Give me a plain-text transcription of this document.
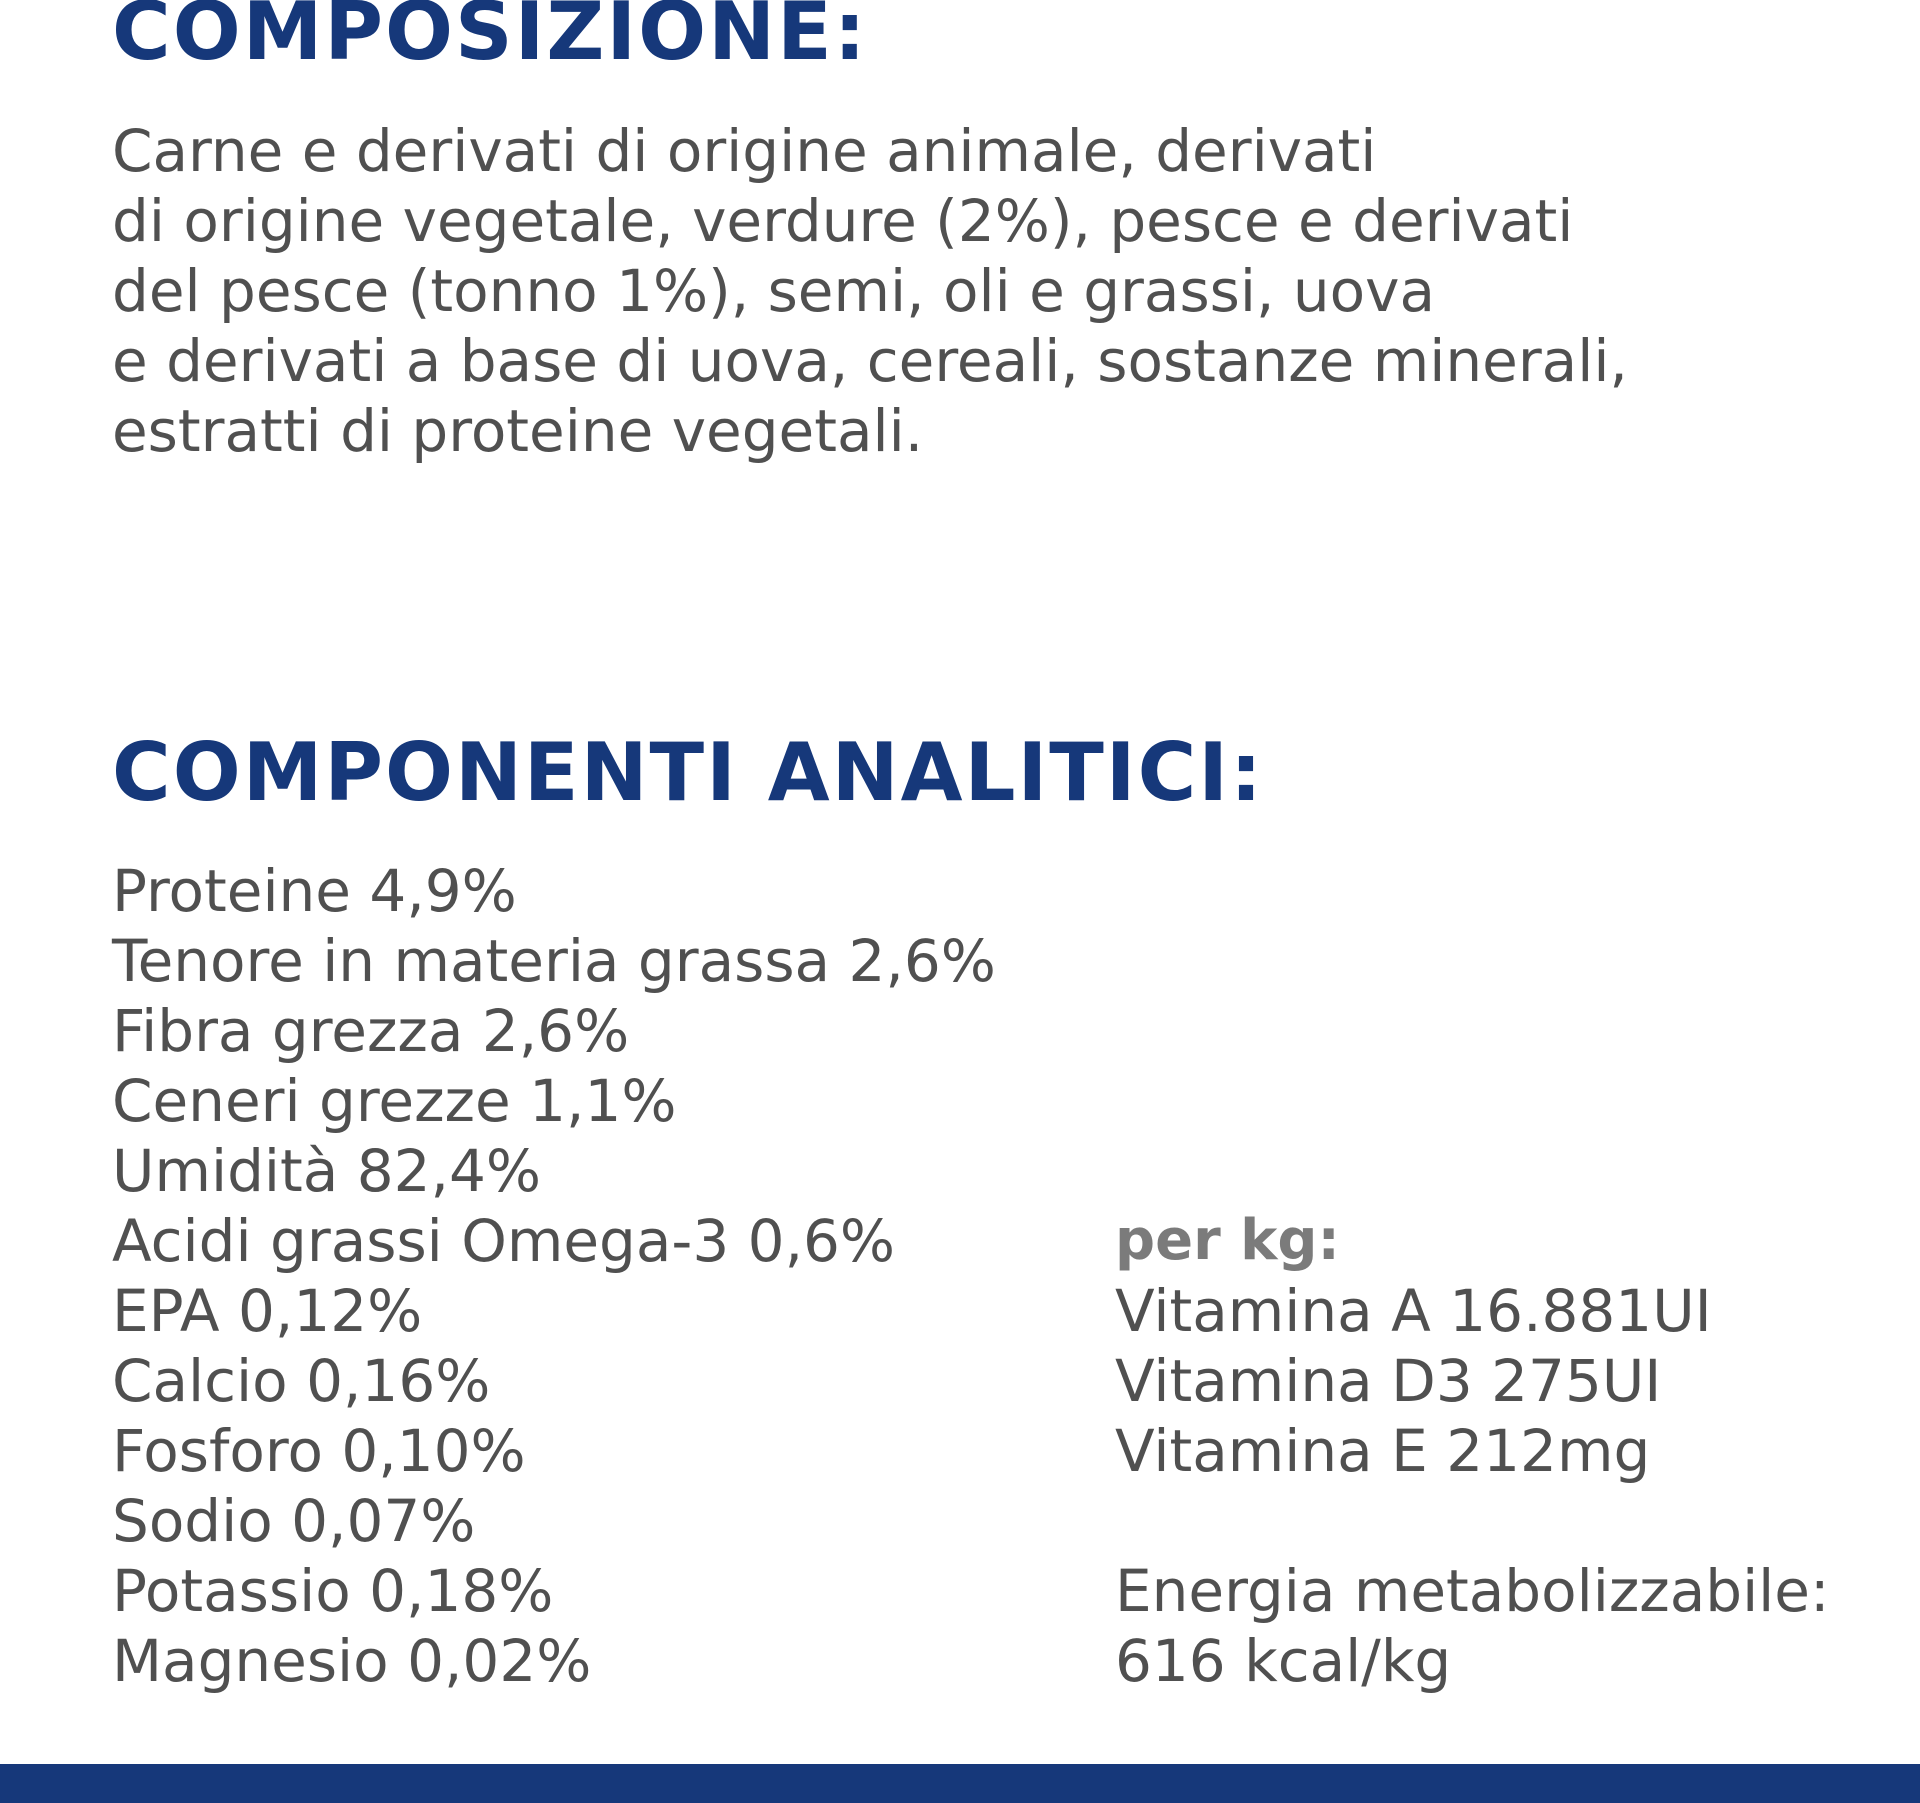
COMPOSIZIONE:
Carne e derivati di origine animale, derivati
di origine vegetale, verdure (2%), pesce e derivati
del pesce (tonno 1%), semi, oli e grassi, uova
e derivati a base di uova, cereali, sostanze minerali,
estratti di proteine vegetali.
COMPONENTI ANALITICI:
Proteine 4,9%
Tenore in materia grassa 2,6%
Fibra grezza 2,6%
Ceneri grezze 1,1%
Umidità 82,4%
Acidi grassi Omega-3 0,6%
EPA 0,12%
Calcio 0,16%
Fosforo 0,10%
Sodio 0,07%
Potassio 0,18%
Magnesio 0,02%
per kg:
Vitamina A 16.881UI
Vitamina D3 275UI
Vitamina E 212mg
Energia metabolizzabile:
616 kcal/kg
